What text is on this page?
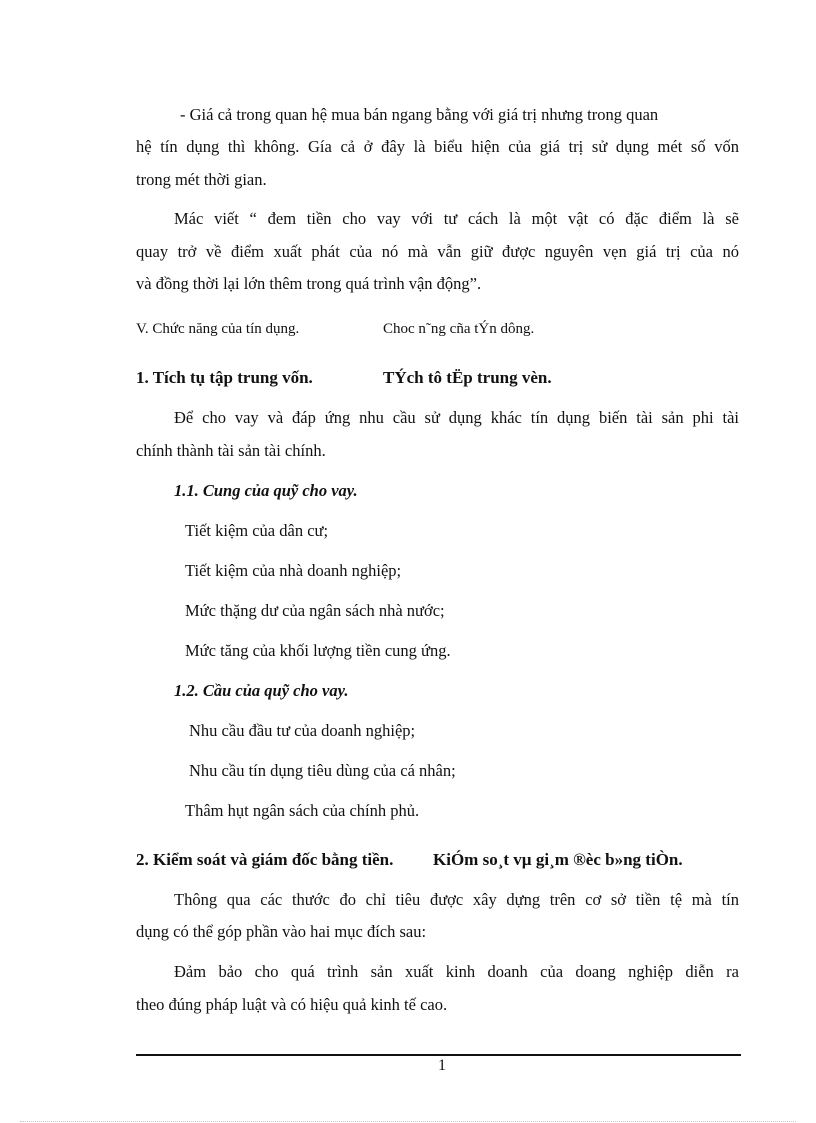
- Giá cả trong quan hệ mua bán ngang bằng với giá trị nhưng trong quan
hệ tín dụng thì không. Gía cả ở đây là biểu hiện của giá trị sử dụng mét số vốn
trong mét thời gian.
Mác viết “ đem tiền cho vay với tư cách là một vật có đặc điểm là sẽ
quay trở về điểm xuất phát của nó mà vẫn giữ được nguyên vẹn giá trị của nó
và đồng thời lại lớn thêm trong quá trình vận động”.
V. Chức năng của tín dụng.	Choc n˜ng cña tÝn dông.
1. Tích tụ tập trung vốn.	TÝch tô tËp trung vèn.
Để cho vay và đáp ứng nhu cầu sử dụng khác tín dụng biến tài sản phi tài
chính thành tài sản tài chính.
1.1. Cung của quỹ cho vay.
Tiết kiệm của dân cư;
Tiết kiệm của nhà doanh nghiệp;
Mức thặng dư của ngân sách nhà nước;
Mức tăng của khối lượng tiền cung ứng.
1.2. Cầu của quỹ cho vay.
Nhu cầu đầu tư của doanh nghiệp;
Nhu cầu tín dụng tiêu dùng của cá nhân;
Thâm hụt ngân sách của chính phủ.
2. Kiểm soát và giám đốc bằng tiền. KiÓm so¸t vµ gi¸m ®èc b»ng tiÒn.
Thông qua các thước đo chỉ tiêu được xây dựng trên cơ sở tiền tệ mà tín
dụng có thể góp phần vào hai mục đích sau:
Đảm bảo cho quá trình sản xuất kinh doanh của doang nghiệp diễn ra
theo đúng pháp luật và có hiệu quả kinh tế cao.
1
